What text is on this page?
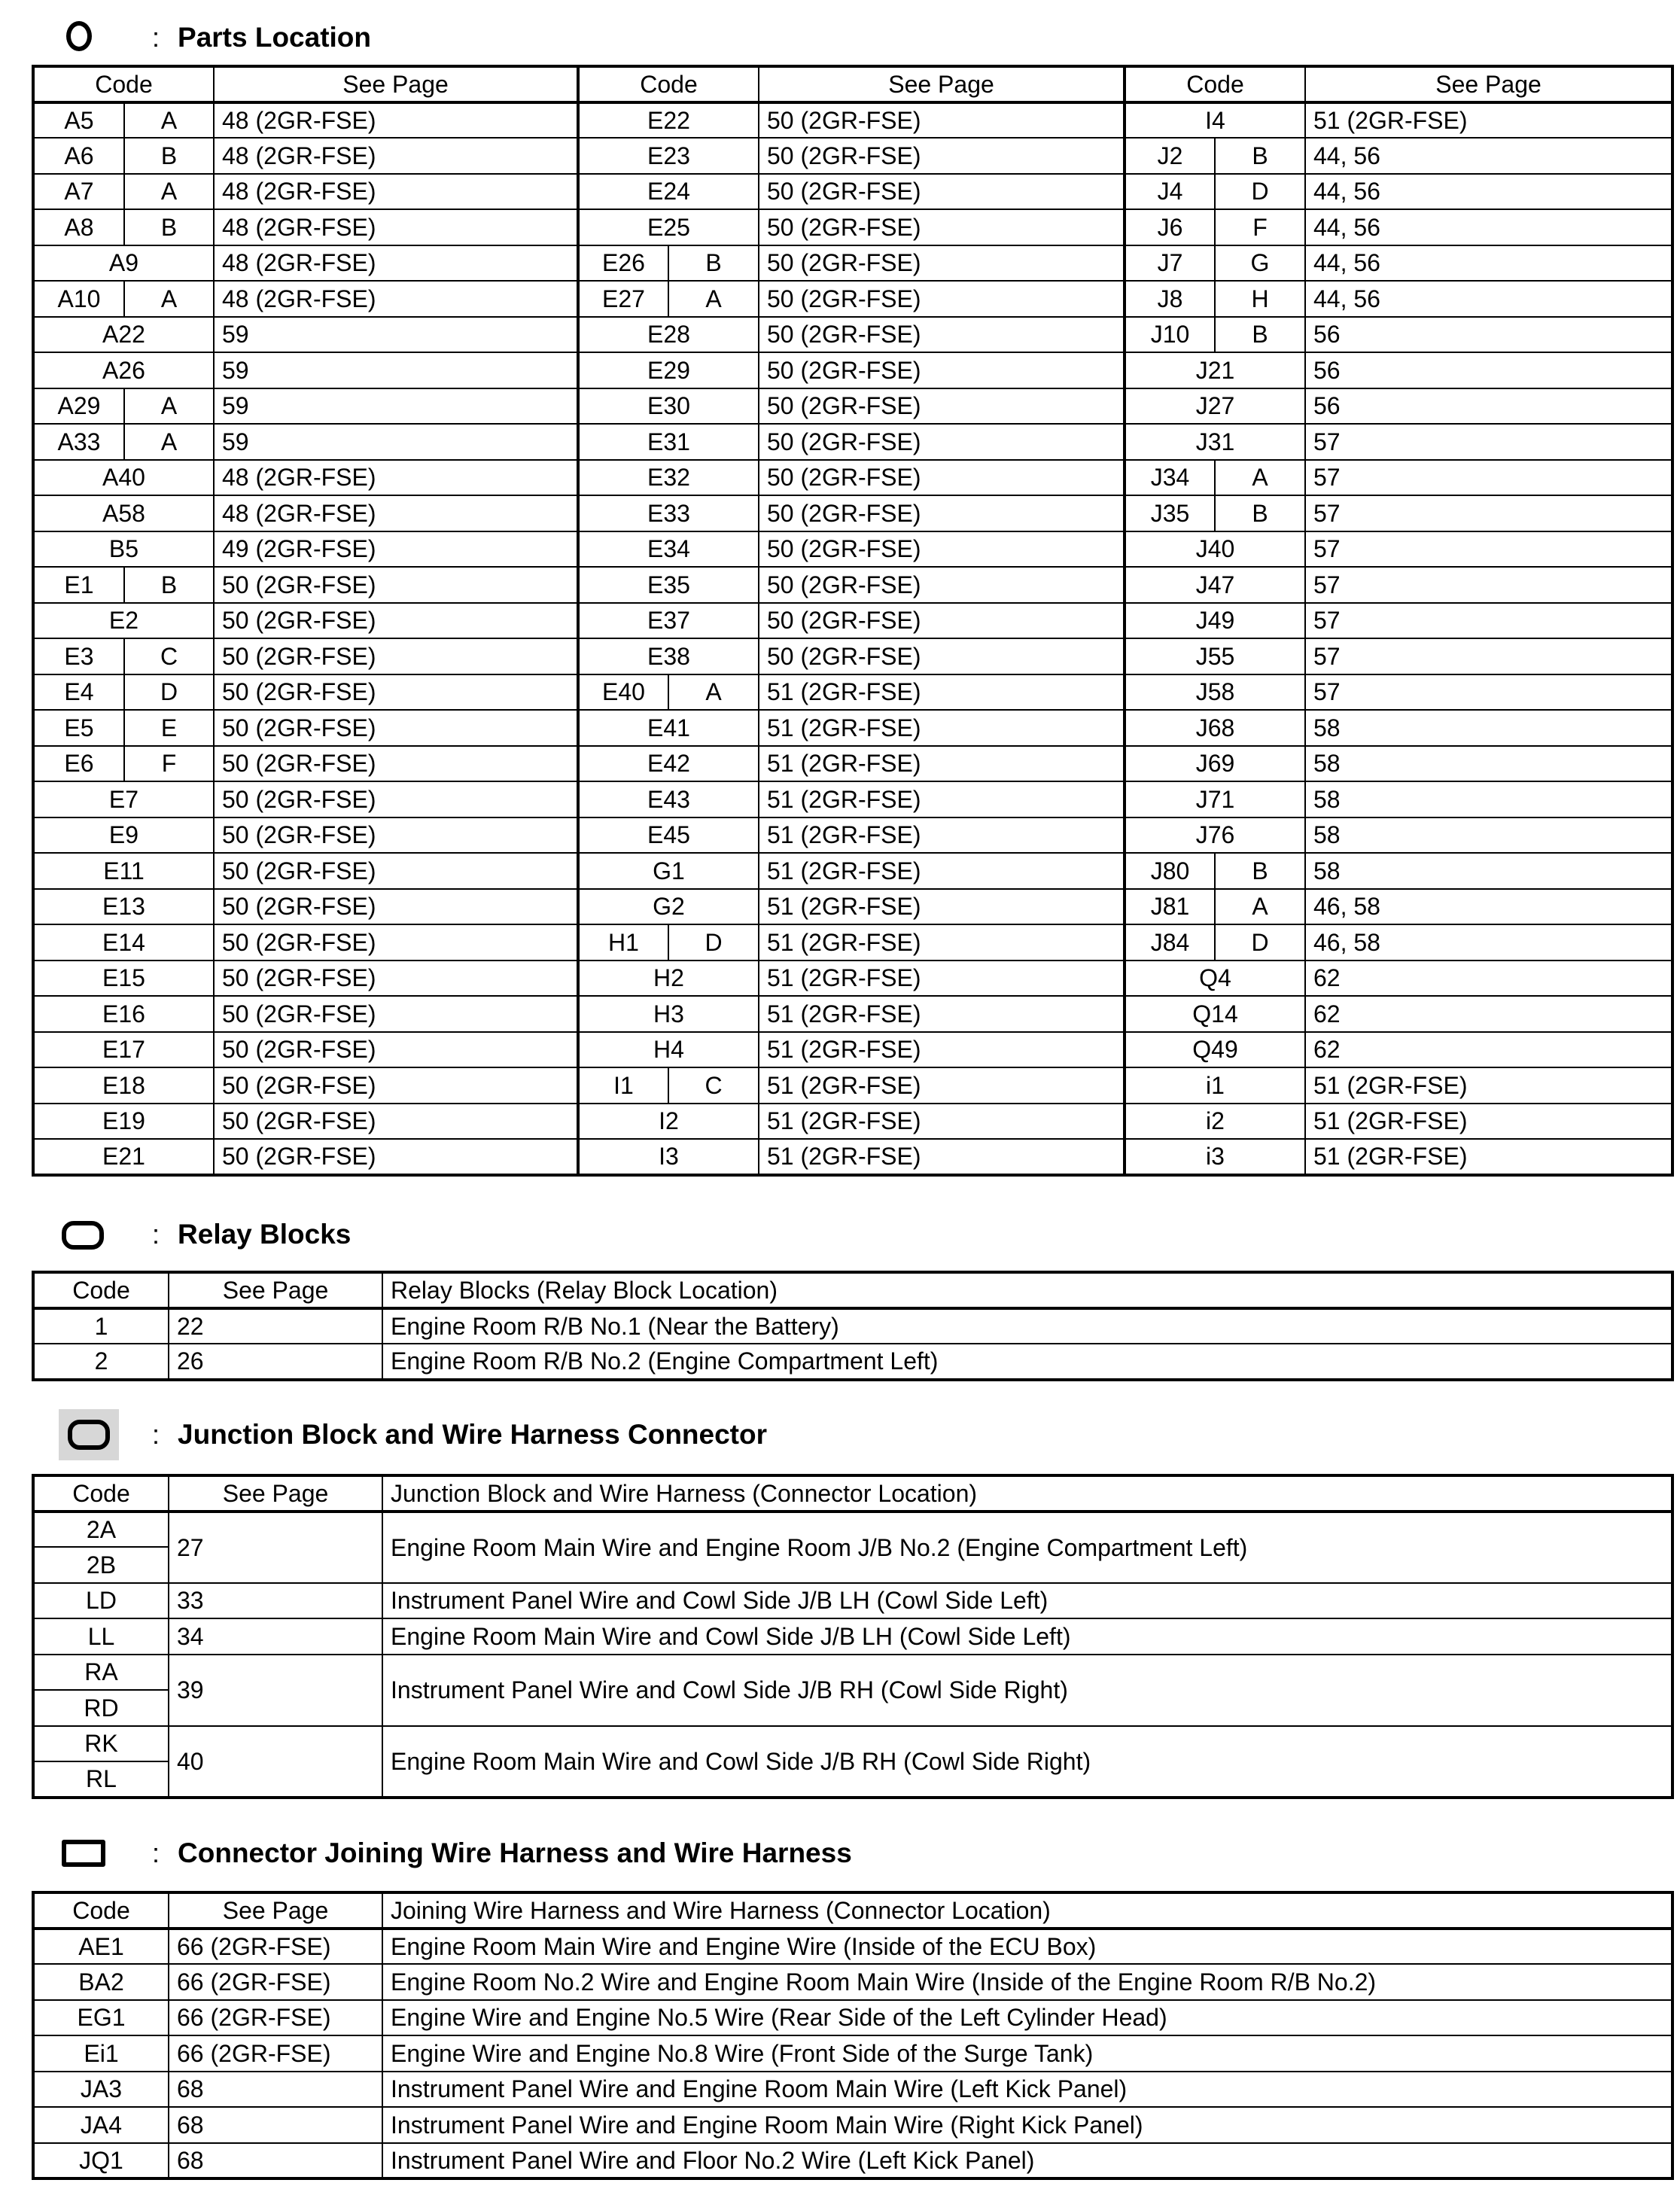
: Parts Location
Code		See Page	Code		See Page	Code		See Page
A5	A	48 (2GR-FSE)	E22		50 (2GR-FSE)	I4		51 (2GR-FSE)
A6	B	48 (2GR-FSE)	E23		50 (2GR-FSE)	J2	B	44, 56
A7	A	48 (2GR-FSE)	E24		50 (2GR-FSE)	J4	D	44, 56
A8	B	48 (2GR-FSE)	E25		50 (2GR-FSE)	J6	F	44, 56
A9		48 (2GR-FSE)	E26	B	50 (2GR-FSE)	J7	G	44, 56
A10	A	48 (2GR-FSE)	E27	A	50 (2GR-FSE)	J8	H	44, 56
A22		59	E28		50 (2GR-FSE)	J10	B	56
A26		59	E29		50 (2GR-FSE)	J21		56
A29	A	59	E30		50 (2GR-FSE)	J27		56
A33	A	59	E31		50 (2GR-FSE)	J31		57
A40		48 (2GR-FSE)	E32		50 (2GR-FSE)	J34	A	57
A58		48 (2GR-FSE)	E33		50 (2GR-FSE)	J35	B	57
B5		49 (2GR-FSE)	E34		50 (2GR-FSE)	J40		57
E1	B	50 (2GR-FSE)	E35		50 (2GR-FSE)	J47		57
E2		50 (2GR-FSE)	E37		50 (2GR-FSE)	J49		57
E3	C	50 (2GR-FSE)	E38		50 (2GR-FSE)	J55		57
E4	D	50 (2GR-FSE)	E40	A	51 (2GR-FSE)	J58		57
E5	E	50 (2GR-FSE)	E41		51 (2GR-FSE)	J68		58
E6	F	50 (2GR-FSE)	E42		51 (2GR-FSE)	J69		58
E7		50 (2GR-FSE)	E43		51 (2GR-FSE)	J71		58
E9		50 (2GR-FSE)	E45		51 (2GR-FSE)	J76		58
E11		50 (2GR-FSE)	G1		51 (2GR-FSE)	J80	B	58
E13		50 (2GR-FSE)	G2		51 (2GR-FSE)	J81	A	46, 58
E14		50 (2GR-FSE)	H1	D	51 (2GR-FSE)	J84	D	46, 58
E15		50 (2GR-FSE)	H2		51 (2GR-FSE)	Q4		62
E16		50 (2GR-FSE)	H3		51 (2GR-FSE)	Q14		62
E17		50 (2GR-FSE)	H4		51 (2GR-FSE)	Q49		62
E18		50 (2GR-FSE)	I1	C	51 (2GR-FSE)	i1		51 (2GR-FSE)
E19		50 (2GR-FSE)	I2		51 (2GR-FSE)	i2		51 (2GR-FSE)
E21		50 (2GR-FSE)	I3		51 (2GR-FSE)	i3		51 (2GR-FSE)
: Relay Blocks
Code	See Page	Relay Blocks (Relay Block Location)
1	22	Engine Room R/B No.1 (Near the Battery)
2	26	Engine Room R/B No.2 (Engine Compartment Left)
: Junction Block and Wire Harness Connector
Code	See Page	Junction Block and Wire Harness (Connector Location)
2A	27	Engine Room Main Wire and Engine Room J/B No.2 (Engine Compartment Left)
2B		
LD	33	Instrument Panel Wire and Cowl Side J/B LH (Cowl Side Left)
LL	34	Engine Room Main Wire and Cowl Side J/B LH (Cowl Side Left)
RA	39	Instrument Panel Wire and Cowl Side J/B RH (Cowl Side Right)
RD		
RK	40	Engine Room Main Wire and Cowl Side J/B RH (Cowl Side Right)
RL		
: Connector Joining Wire Harness and Wire Harness
Code	See Page	Joining Wire Harness and Wire Harness (Connector Location)
AE1	66 (2GR-FSE)	Engine Room Main Wire and Engine Wire (Inside of the ECU Box)
BA2	66 (2GR-FSE)	Engine Room No.2 Wire and Engine Room Main Wire (Inside of the Engine Room R/B No.2)
EG1	66 (2GR-FSE)	Engine Wire and Engine No.5 Wire (Rear Side of the Left Cylinder Head)
Ei1	66 (2GR-FSE)	Engine Wire and Engine No.8 Wire (Front Side of the Surge Tank)
JA3	68	Instrument Panel Wire and Engine Room Main Wire (Left Kick Panel)
JA4	68	Instrument Panel Wire and Engine Room Main Wire (Right Kick Panel)
JQ1	68	Instrument Panel Wire and Floor No.2 Wire (Left Kick Panel)
